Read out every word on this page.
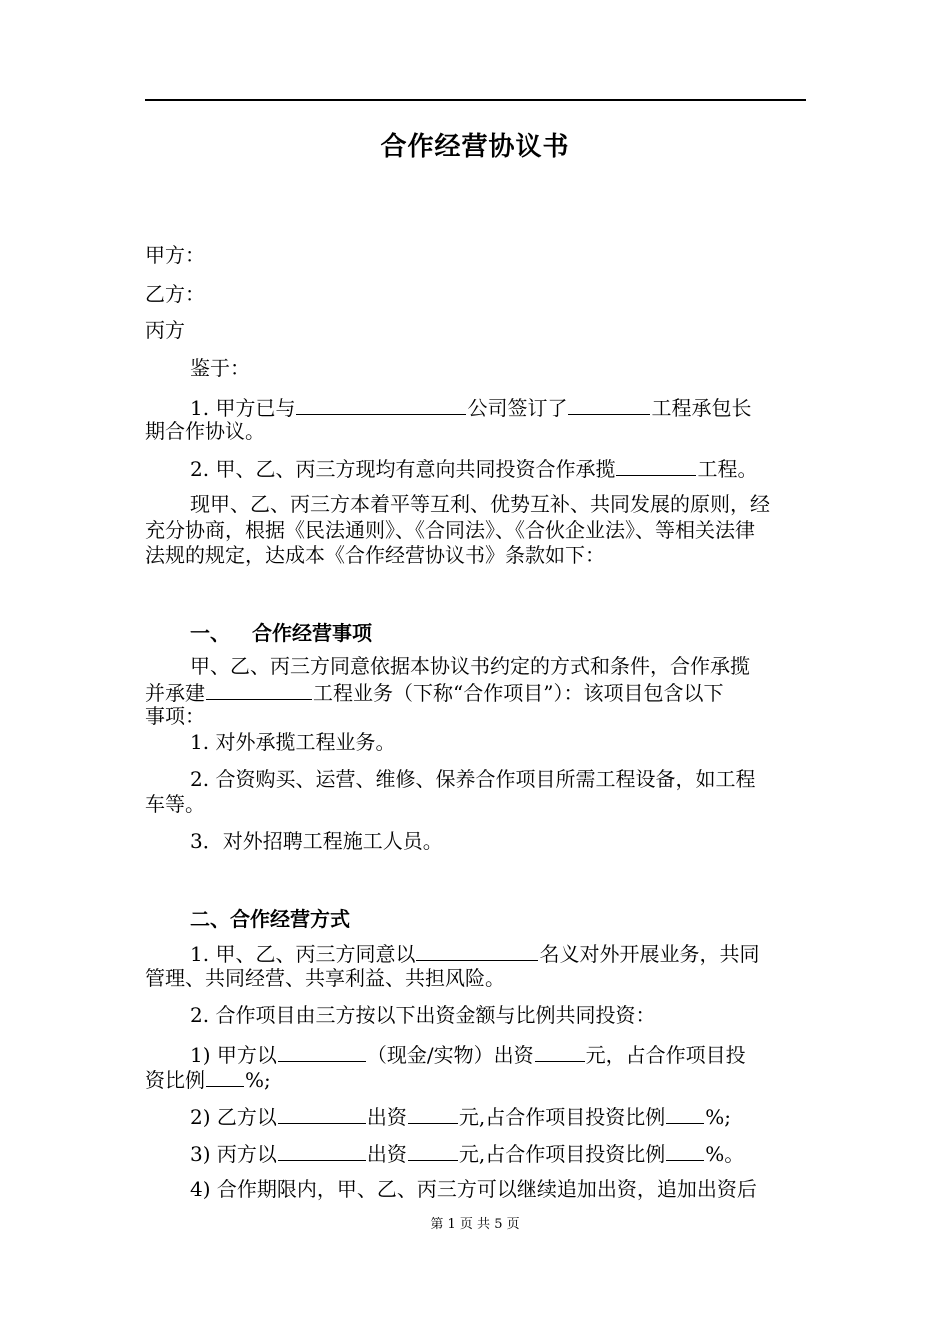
合作经营协议书
甲方：
乙方：
丙方
鉴于：
1. 甲方已与	公司签订了	工程承包长
期合作协议。
2. 甲、乙、丙三方现均有意向共同投资合作承揽	工程。
现甲、乙、丙三方本着平等互利、优势互补、共同发展的原则，经
充分协商，根据《民法通则》、《合同法》、《合伙企业法》、等相关法律
法规的规定，达成本《合作经营协议书》条款如下：
一、 合作经营事项
甲、乙、丙三方同意依据本协议书约定的方式和条件，合作承揽
并承建	工程业务（下称“合作项目”）：该项目包含以下
事项：
1. 对外承揽工程业务。
2. 合资购买、运营、维修、保养合作项目所需工程设备，如工程
车等。
3．对外招聘工程施工人员。
二、合作经营方式
1. 甲、乙、丙三方同意以	名义对外开展业务，共同
管理、共同经营、共享利益、共担风险。
2. 合作项目由三方按以下出资金额与比例共同投资：
1) 甲方以	（现金/实物）出资	元，占合作项目投
资比例 %;
2) 乙方以	出资	元,占合作项目投资比例 %;
3) 丙方以	出资	元,占合作项目投资比例 %。
4) 合作期限内，甲、乙、丙三方可以继续追加出资，追加出资后
第 1 页 共 5 页
